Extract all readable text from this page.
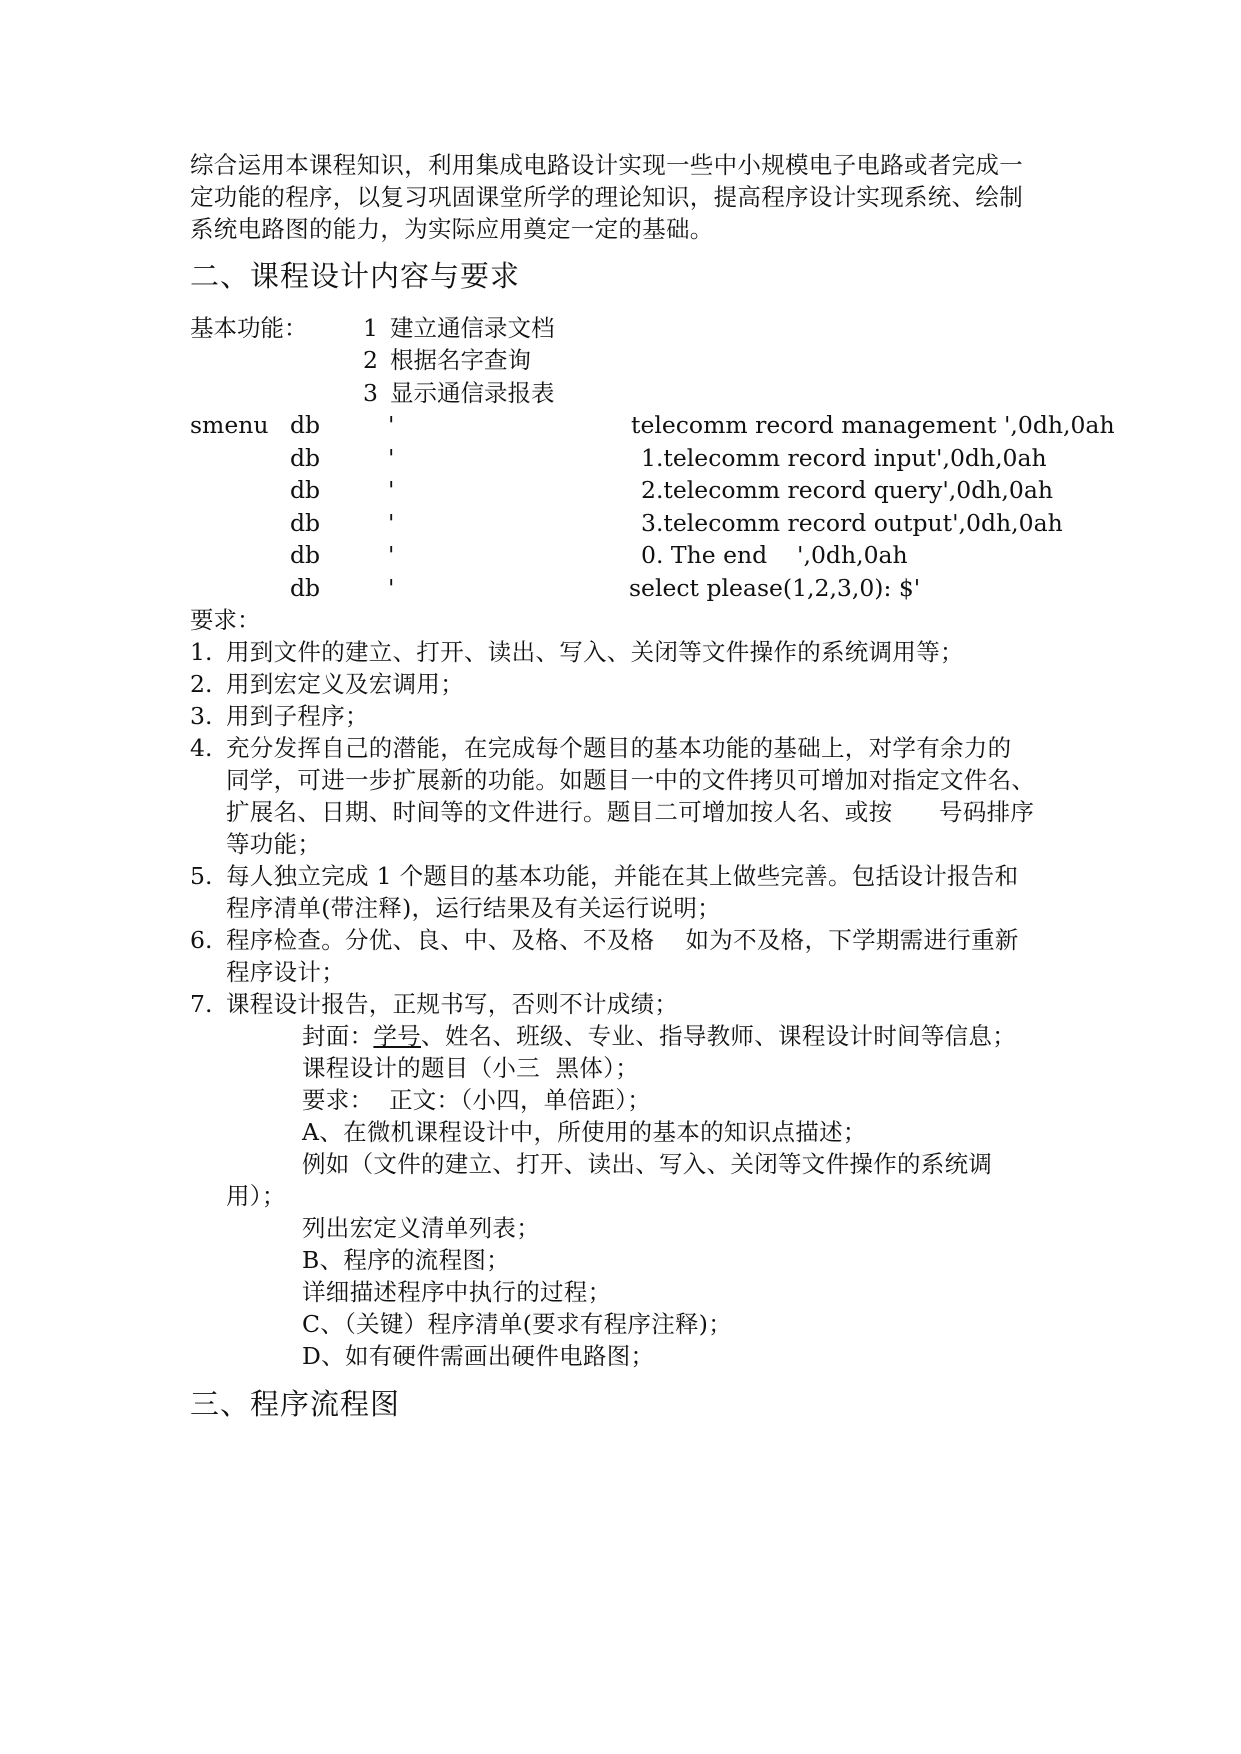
综合运用本课程知识，利用集成电路设计实现一些中小规模电子电路或者完成一
定功能的程序，以复习巩固课堂所学的理论知识，提高程序设计实现系统、绘制
系统电路图的能力，为实际应用奠定一定的基础。
二、课程设计内容与要求
基本功能： 1 建立通信录文档
2 根据名字查询
3 显示通信录报表
smenu db	'	telecomm record management ',0dh,0ah
db	'	1.telecomm record input',0dh,0ah
db	'	2.telecomm record query',0dh,0ah
db	'	3.telecomm record output',0dh,0ah
db	'	0. The end    ',0dh,0ah
db	'	select please(1,2,3,0): $'
要求：
1. 用到文件的建立、打开、读出、写入、关闭等文件操作的系统调用等；
2. 用到宏定义及宏调用；
3. 用到子程序；
4. 充分发挥自己的潜能，在完成每个题目的基本功能的基础上，对学有余力的
同学，可进一步扩展新的功能。如题目一中的文件拷贝可增加对指定文件名、
扩展名、日期、时间等的文件进行。题目二可增加按人名、或按      号码排序
等功能；
5. 每人独立完成 1 个题目的基本功能，并能在其上做些完善。包括设计报告和
程序清单(带注释)，运行结果及有关运行说明；
6. 程序检查。分优、良、中、及格、不及格    如为不及格，下学期需进行重新
程序设计；
7. 课程设计报告，正规书写，否则不计成绩；
封面：学号、姓名、班级、专业、指导教师、课程设计时间等信息；
课程设计的题目（小三  黑体）；
要求：  正文：（小四，单倍距）；
A、在微机课程设计中，所使用的基本的知识点描述；
例如（文件的建立、打开、读出、写入、关闭等文件操作的系统调
用）；
列出宏定义清单列表；
B、程序的流程图；
详细描述程序中执行的过程；
C、（关键）程序清单(要求有程序注释)；
D、如有硬件需画出硬件电路图；
三、程序流程图
